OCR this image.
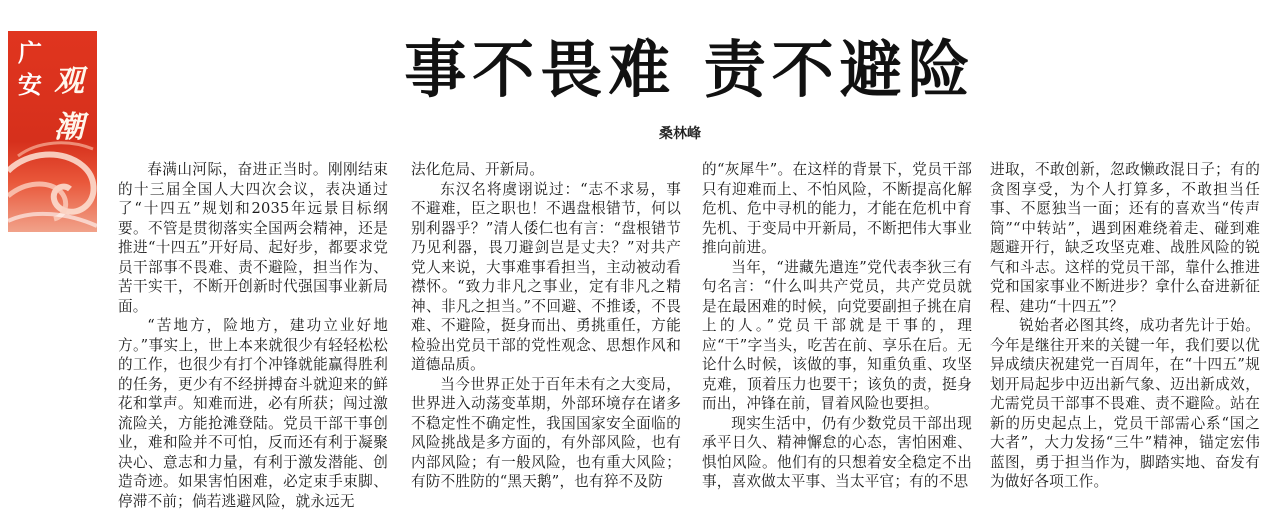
广
安 观
潮
事不畏难 责不避险
桑林峰

春满山河际，奋进正当时。刚刚结束的十三届全国人大四次会议，表决通过了“十四五”规划和2035年远景目标纲要。不管是贯彻落实全国两会精神，还是推进“十四五”开好局、起好步，都要求党员干部事不畏难、责不避险，担当作为、苦干实干，不断开创新时代强国事业新局面。

“苦地方，险地方，建功立业好地方。”事实上，世上本来就很少有轻轻松松的工作，也很少有打个冲锋就能赢得胜利的任务，更少有不经拼搏奋斗就迎来的鲜花和掌声。知难而进，必有所获；闯过激流险关，方能抢滩登陆。党员干部干事创业，难和险并不可怕，反而还有利于凝聚决心、意志和力量，有利于激发潜能、创造奇迹。如果害怕困难，必定束手束脚、停滞不前；倘若逃避风险，就永远无

法化危局、开新局。

东汉名将虞诩说过：“志不求易，事不避难，臣之职也！不遇盘根错节，何以别利器乎？”清人倭仁也有言：“盘根错节乃见利器，畏刀避剑岂是丈夫？”对共产党人来说，大事难事看担当，主动被动看襟怀。“致力非凡之事业，定有非凡之精神、非凡之担当。”不回避、不推诿，不畏难、不避险，挺身而出、勇挑重任，方能检验出党员干部的党性观念、思想作风和道德品质。

当今世界正处于百年未有之大变局，世界进入动荡变革期，外部环境存在诸多不稳定性不确定性，我国国家安全面临的风险挑战是多方面的，有外部风险，也有内部风险；有一般风险，也有重大风险；有防不胜防的“黑天鹅”，也有猝不及防

的“灰犀牛”。在这样的背景下，党员干部只有迎难而上、不怕风险，不断提高化解危机、危中寻机的能力，才能在危机中育先机、于变局中开新局，不断把伟大事业推向前进。

当年，“进藏先遣连”党代表李狄三有句名言：“什么叫共产党员，共产党员就是在最困难的时候，向党要副担子挑在肩上的人。”党员干部就是干事的，理应“干”字当头，吃苦在前、享乐在后。无论什么时候，该做的事，知重负重、攻坚克难，顶着压力也要干；该负的责，挺身而出，冲锋在前，冒着风险也要担。

现实生活中，仍有少数党员干部出现承平日久、精神懈怠的心态，害怕困难、惧怕风险。他们有的只想着安全稳定不出事，喜欢做太平事、当太平官；有的不思

进取，不敢创新，忽政懒政混日子；有的贪图享受，为个人打算多，不敢担当任事、不愿独当一面；还有的喜欢当“传声筒”“中转站”，遇到困难绕着走、碰到难题避开行，缺乏攻坚克难、战胜风险的锐气和斗志。这样的党员干部，靠什么推进党和国家事业不断进步？拿什么奋进新征程、建功“十四五”？

锐始者必图其终，成功者先计于始。今年是继往开来的关键一年，我们要以优异成绩庆祝建党一百周年，在“十四五”规划开局起步中迈出新气象、迈出新成效，尤需党员干部事不畏难、责不避险。站在新的历史起点上，党员干部需心系“国之大者”，大力发扬“三牛”精神，锚定宏伟蓝图，勇于担当作为，脚踏实地、奋发有为做好各项工作。
